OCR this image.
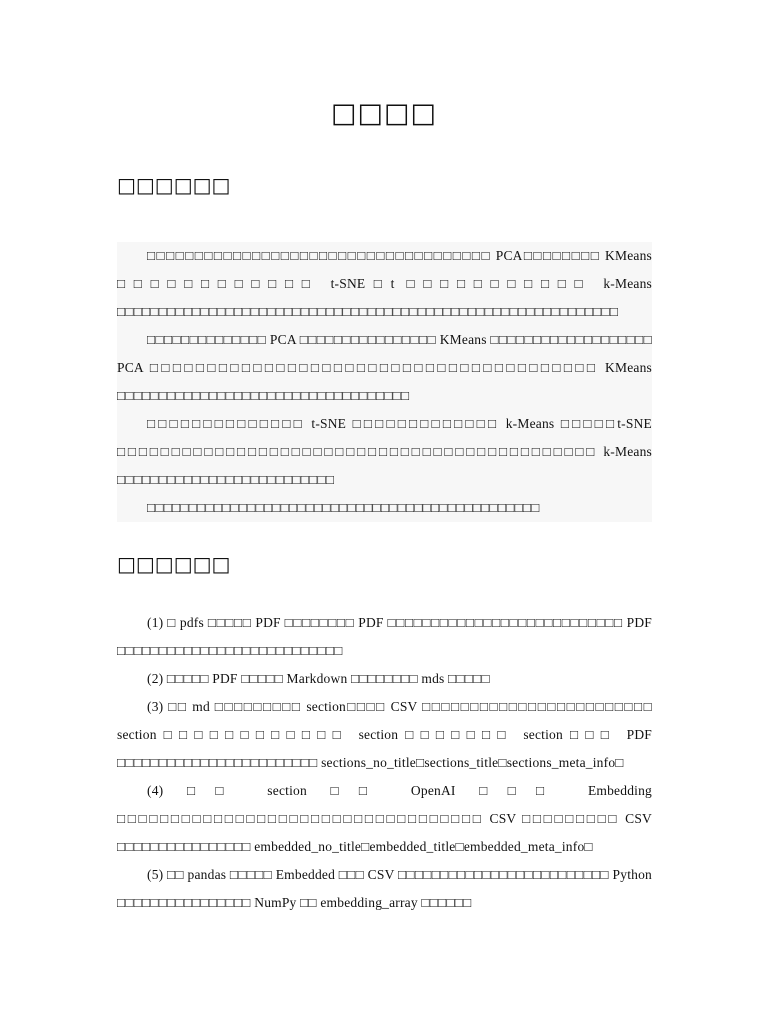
□□□□
□□□□□□

□□□□□□□□□□□□□□□□□□□□□□□□□□□□□□□□□□□□ PCA□□□□□□□□ KMeans □□□□□□□□□□□□ t-SNE□t □□□□□□□□□□□ k-Means □□□□□□□□□□□□□□□□□□□□□□□□□□□□□□□□□□□□□□□□□□□□□□□□□□□□□□□□□□□□

□□□□□□□□□□□□□□ PCA □□□□□□□□□□□□□□□□ KMeans □□□□□□□□□□□□□□□□□□□ PCA □□□□□□□□□□□□□□□□□□□□□□□□□□□□□□□□□□□□□□□ KMeans □□□□□□□□□□□□□□□□□□□□□□□□□□□□□□□□□□□

□□□□□□□□□□□□□□ t-SNE □□□□□□□□□□□□□ k-Means □□□□□t-SNE □□□□□□□□□□□□□□□□□□□□□□□□□□□□□□□□□□□□□□□□□□□□ k-Means □□□□□□□□□□□□□□□□□□□□□□□□□□

□□□□□□□□□□□□□□□□□□□□□□□□□□□□□□□□□□□□□□□□□□□□□□□

□□□□□□

(1) □ pdfs □□□□□ PDF □□□□□□□□ PDF □□□□□□□□□□□□□□□□□□□□□□□□□□□ PDF □□□□□□□□□□□□□□□□□□□□□□□□□□□

(2) □□□□□ PDF □□□□□ Markdown □□□□□□□□ mds □□□□□

(3) □□ md □□□□□□□□□ section□□□□ CSV □□□□□□□□□□□□□□□□□□□□□□□□ section□□□□□□□□□□□□ section□□□□□□□ section□□□ PDF □□□□□□□□□□□□□□□□□□□□□□□□ sections_no_title□sections_title□sections_meta_info□

(4) □□ section □□ OpenAI □□□ Embedding □□□□□□□□□□□□□□□□□□□□□□□□□□□□□□□□□□ CSV □□□□□□□□□ CSV □□□□□□□□□□□□□□□□ embedded_no_title□embedded_title□embedded_meta_info□

(5) □□ pandas □□□□□ Embedded □□□ CSV □□□□□□□□□□□□□□□□□□□□□□□□□ Python □□□□□□□□□□□□□□□□ NumPy □□ embedding_array □□□□□□
